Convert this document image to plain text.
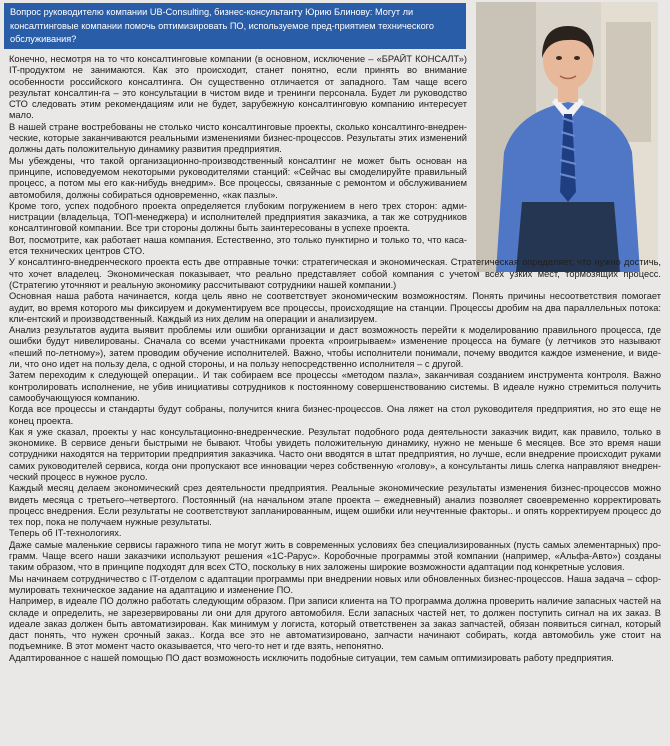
Вопрос руководителю компании UB-Consulting, бизнес-консультанту Юрию Блинову: Могут ли консалтинговые компании помочь оптимизировать ПО, используемое пред-приятием технического обслуживания?

Конечно, несмотря на то что консалтинговые компании (в основном, исключение – «БРАЙТ КОНСАЛТ») IT-продуктом не занимаются. Как это происходит, станет понятно, если принять во внимание особенности российского консалтинга. Он существенно отличается от западного. Там чаще всего результат консалтин-га – это консультации в чистом виде и тренинги персонала. Будет ли руководство СТО следовать этим рекомендациям или не будет, зарубежную консалтинговую компанию интересует мало.

В нашей стране востребованы не столько чисто консалтинговые проекты, сколько консалтинго-внедрен-ческие, которые заканчиваются реальными изменениями бизнес-процессов. Результаты этих изменений должны дать положительную динамику развития предприятия.

Мы убеждены, что такой организационно-производственный консалтинг не может быть основан на принципе, исповедуемом некоторыми руководителями станций: «Сейчас вы смоделируйте правильный процесс, а потом мы его как-нибудь внедрим». Все процессы, связанные с ремонтом и обслуживанием автомобиля, должны собираться одновременно, «как пазлы».

Кроме того, успех подобного проекта определяется глубоким погружением в него трех сторон: адми-нистрации (владельца, ТОП-менеджера) и исполнителей предприятия заказчика, а так же сотрудников консалтинговой компании. Все три стороны должны быть заинтересованы в успехе проекта.

Вот, посмотрите, как работает наша компания. Естественно, это только пунктирно и только то, что каса-ется технических центров СТО.

У консалтинго-внедренческого проекта есть две отправные точки: стратегическая и экономическая. Стратегическая определяет, что нужно достичь, что хочет владелец. Экономическая показывает, что реально представляет собой компания с учетом всех узких мест, тормозящих процесс. (Стратегию уточняют и реальную экономику рассчитывают сотрудники нашей компании.)

Основная наша работа начинается, когда цель явно не соответствует экономическим возможностям. Понять причины несоответствия помогает аудит, во время которого мы фиксируем и документируем все процессы, происходящие на станции. Процессы дробим на два параллельных потока: кли-ентский и производственный. Каждый из них делим на операции и анализируем.

Анализ результатов аудита выявит проблемы или ошибки организации и даст возможность перейти к моделированию правильного процесса, где ошибки будут нивелированы. Сначала со всеми участниками проекта «проигрываем» изменение процесса на бумаге (у летчиков это называют «пеший по-летному»), затем проводим обучение исполнителей. Важно, чтобы исполнители понимали, почему вводится каждое изменение, и виде-ли, что оно идет на пользу дела, с одной стороны, и на пользу непосредственно исполнителя – с другой.

Затем переходим к следующей операции.. И так собираем все процессы «методом пазла», заканчивая созданием инструмента контроля. Важно контролировать исполнение, не убив инициативы сотрудников к постоянному совершенствованию системы. В идеале нужно стремиться получить самообучающуюся компанию.

Когда все процессы и стандарты будут собраны, получится книга бизнес-процессов. Она ляжет на стол руководителя предприятия, но это еще не конец проекта.

Как я уже сказал, проекты у нас консультационно-внедренческие. Результат подобного рода деятельности заказчик видит, как правило, только в экономике. В сервисе деньги быстрыми не бывают. Чтобы увидеть положительную динамику, нужно не меньше 6 месяцев. Все это время наши сотрудники находятся на территории предприятия заказчика. Часто они вводятся в штат предприятия, но лучше, если внедрение происходит руками самих руководителей сервиса, когда они пропускают все инновации через собственную «голову», а консультанты лишь слегка направляют внедрен-ческий процесс в нужное русло.

Каждый месяц делаем экономический срез деятельности предприятия. Реальные экономические результаты изменения бизнес-процессов можно видеть месяца с третьего–четвертого. Постоянный (на начальном этапе проекта – ежедневный) анализ позволяет своевременно корректировать процесс внедрения. Если результаты не соответствуют запланированным, ищем ошибки или неучтенные факторы.. и опять корректируем процесс до тех пор, пока не получаем нужные результаты.

Теперь об IT-технологиях.

Даже самые маленькие сервисы гаражного типа не могут жить в современных условиях без специализированных (пусть самых элементарных) про-грамм. Чаще всего наши заказчики используют решения «1С-Рарус». Коробочные программы этой компании (например, «Альфа-Авто») созданы таким образом, что в принципе подходят для всех СТО, поскольку в них заложены широкие возможности адаптации под конкретные условия.

Мы начинаем сотрудничество с IT-отделом с адаптации программы при внедрении новых или обновленных бизнес-процессов. Наша задача – сфор-мулировать техническое задание на адаптацию и изменение ПО.

Например, в идеале ПО должно работать следующим образом. При записи клиента на ТО программа должна проверить наличие запасных частей на складе и определить, не зарезервированы ли они для другого автомобиля. Если запасных частей нет, то должен поступить сигнал на их заказ. В идеале заказ должен быть автоматизирован. Как минимум у логиста, который ответственен за заказ запчастей, обязан появиться сигнал, который даст понять, что нужен срочный заказ.. Когда все это не автоматизировано, запчасти начинают собирать, когда автомобиль уже стоит на подъемнике. В этот момент часто оказывается, что чего-то нет и где взять, непонятно.

Адаптированное с нашей помощью ПО даст возможность исключить подобные ситуации, тем самым оптимизировать работу предприятия.
